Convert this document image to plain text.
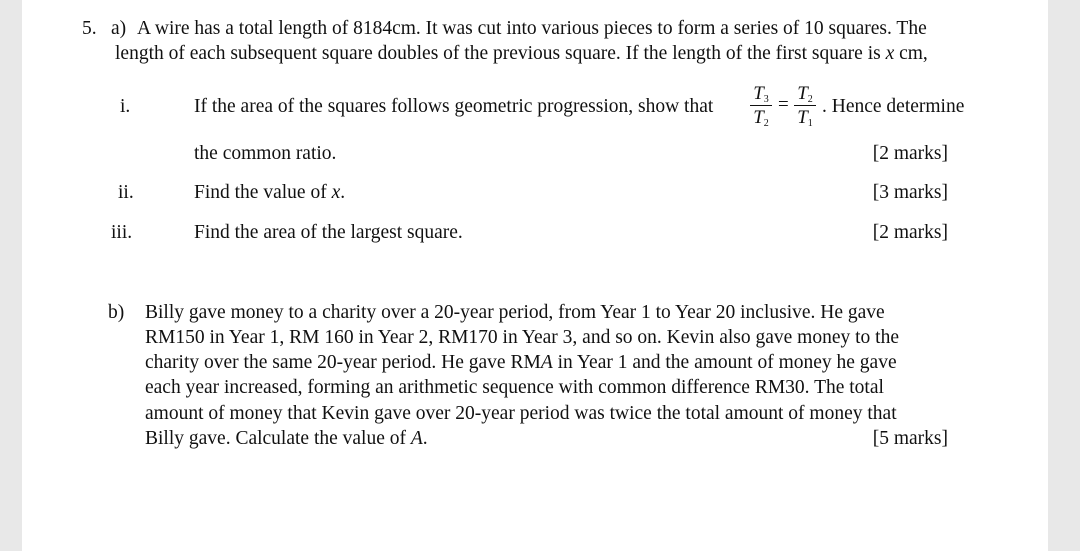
5. a) A wire has a total length of 8184cm. It was cut into various pieces to form a series of 10 squares. The
length of each subsequent square doubles of the previous square. If the length of the first square is x cm,
i.	If the area of the squares follows geometric progression, show that
$T_3$
$T_2$
=
$T_2$
$T_1$
. Hence determine
the common ratio.	[2 marks]
ii.	Find the value of x.	[3 marks]
iii.	Find the area of the largest square.	[2 marks]
b) Billy gave money to a charity over a 20-year period, from Year 1 to Year 20 inclusive. He gave
RM150 in Year 1, RM 160 in Year 2, RM170 in Year 3, and so on. Kevin also gave money to the
charity over the same 20-year period. He gave RMA in Year 1 and the amount of money he gave
each year increased, forming an arithmetic sequence with common difference RM30. The total
amount of money that Kevin gave over 20-year period was twice the total amount of money that
Billy gave. Calculate the value of A.	[5 marks]
